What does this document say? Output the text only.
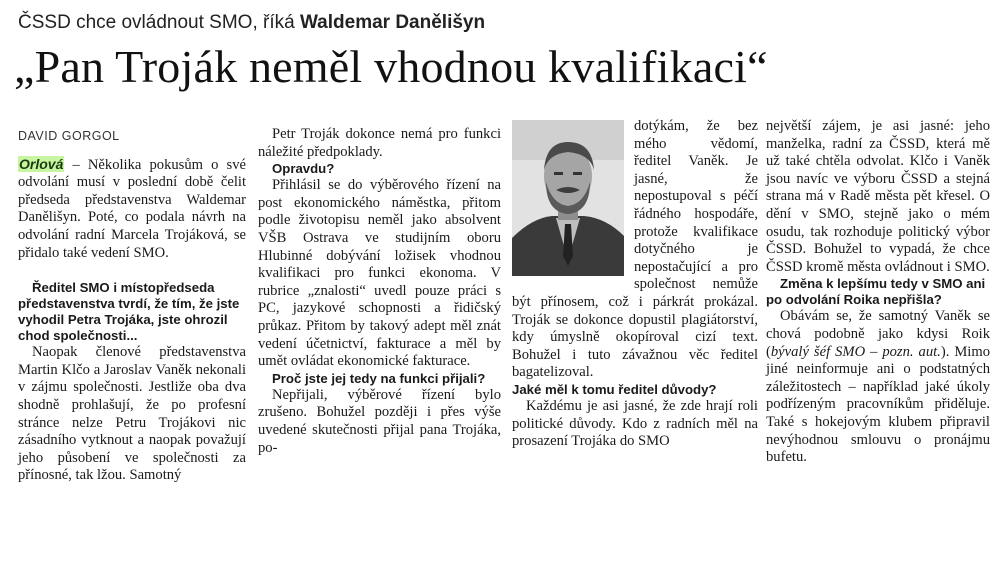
ČSSD chce ovládnout SMO, říká Waldemar Danělišyn
„Pan Troják neměl vhodnou kvalifikaci“
DAVID GORGOL

Orlová – Několika pokusům o své odvolání musí v poslední době čelit předseda představenstva Waldemar Danělišyn. Poté, co podala návrh na odvolání radní Marcela Trojáková, se přidalo také vedení SMO.

Ředitel SMO i místopředseda představenstva tvrdí, že tím, že jste vyhodil Petra Trojáka, jste ohrozil chod společnosti...

Naopak členové představenstva Martin Klčo a Jaroslav Vaněk nekonali v zájmu společnosti. Jestliže oba dva shodně prohlašují, že po profesní stránce nelze Petru Trojákovi nic zásadního vytknout a naopak považují jeho působení ve společnosti za přínosné, tak lžou. Samotný

Petr Troják dokonce nemá pro funkci náležité předpoklady.

Opravdu?

Přihlásil se do výběrového řízení na post ekonomického náměstka, přitom podle životopisu neměl jako absolvent VŠB Ostrava ve studijním oboru Hlubinné dobývání ložisek vhodnou kvalifikaci pro funkci ekonoma. V rubrice „znalosti“ uvedl pouze práci s PC, jazykové schopnosti a řidičský průkaz. Přitom by takový adept měl znát vedení účetnictví, fakturace a měl by umět ovládat ekonomické fakturace.

Proč jste jej tedy na funkci přijali?

Nepřijali, výběrové řízení bylo zrušeno. Bohužel později i přes výše uvedené skutečnosti přijal pana Trojáka, po-

dotýkám, že bez mého vědomí, ředitel Vaněk. Je jasné, že nepostupoval s péčí řádného hospodáře, protože kvalifikace dotyčného je nepostačující a pro společnost nemůže být přínosem, což i párkrát prokázal. Troják se dokonce dopustil plagiátorství, kdy úmyslně okopíroval cizí text. Bohužel i tuto závažnou věc ředitel bagatelizoval.

Jaké měl k tomu ředitel důvody?

Každému je asi jasné, že zde hrají roli politické důvody. Kdo z radních měl na prosazení Trojáka do SMO

největší zájem, je asi jasné: jeho manželka, radní za ČSSD, která mě už také chtěla odvolat. Klčo i Vaněk jsou navíc ve výboru ČSSD a stejná strana má v Radě města pět křesel. O dění v SMO, stejně jako o mém osudu, tak rozhoduje politický výbor ČSSD. Bohužel to vypadá, že chce ČSSD kromě města ovládnout i SMO.

Změna k lepšímu tedy v SMO ani po odvolání Roika nepřišla?

Obávám se, že samotný Vaněk se chová podobně jako kdysi Roik (bývalý šéf SMO – pozn. aut.). Mimo jiné neinformuje ani o podstatných záležitostech – například jaké úkoly podřízeným pracovníkům přiděluje. Také s hokejovým klubem připravil nevýhodnou smlouvu o pronájmu bufetu.
